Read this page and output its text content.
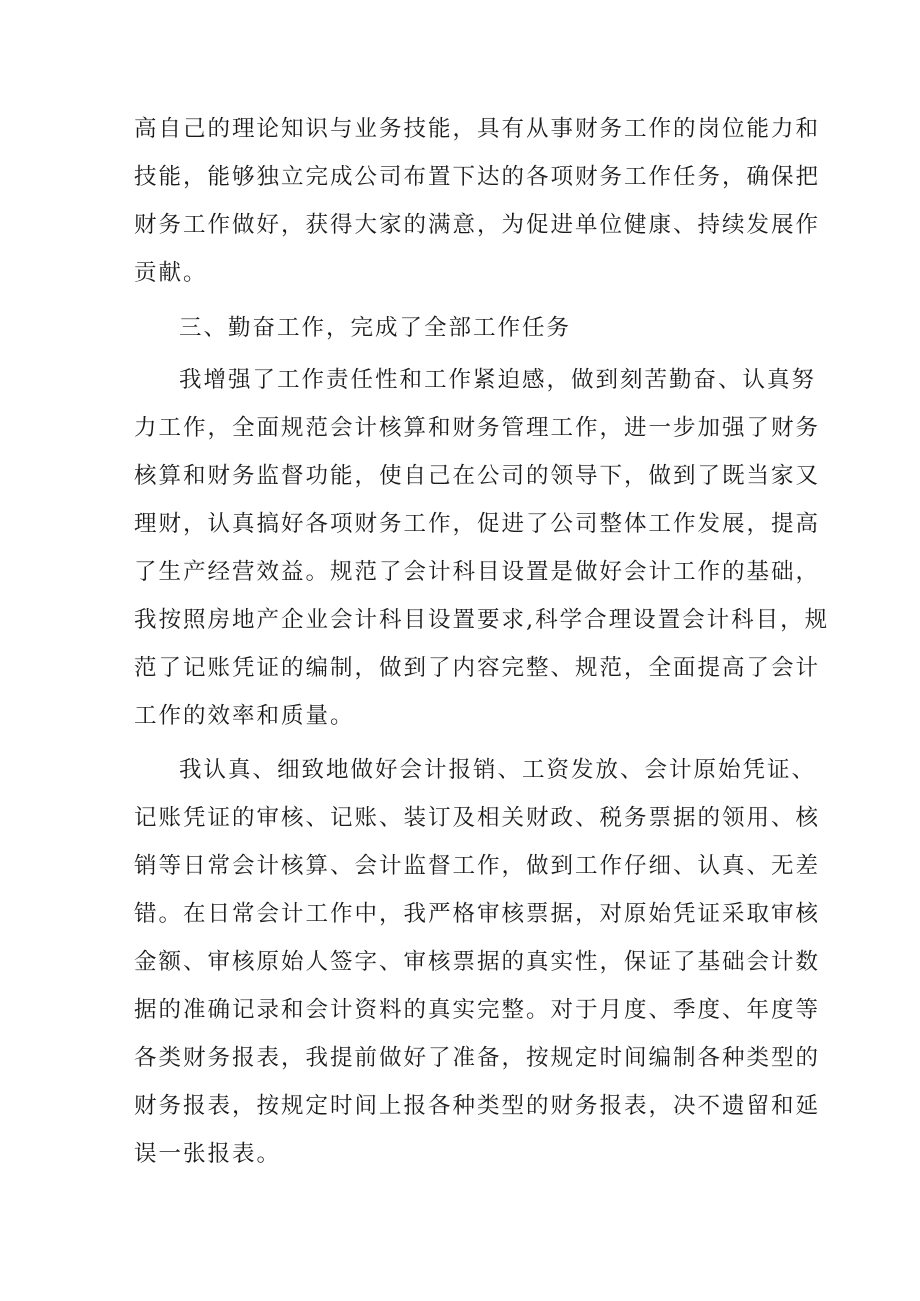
高自己的理论知识与业务技能，具有从事财务工作的岗位能力和
技能，能够独立完成公司布置下达的各项财务工作任务，确保把
财务工作做好，获得大家的满意，为促进单位健康、持续发展作
贡献。
三、勤奋工作，完成了全部工作任务
我增强了工作责任性和工作紧迫感，做到刻苦勤奋、认真努
力工作，全面规范会计核算和财务管理工作，进一步加强了财务
核算和财务监督功能，使自己在公司的领导下，做到了既当家又
理财，认真搞好各项财务工作，促进了公司整体工作发展，提高
了生产经营效益。规范了会计科目设置是做好会计工作的基础，
我按照房地产企业会计科目设置要求,科学合理设置会计科目，规
范了记账凭证的编制，做到了内容完整、规范，全面提高了会计
工作的效率和质量。
我认真、细致地做好会计报销、工资发放、会计原始凭证、
记账凭证的审核、记账、装订及相关财政、税务票据的领用、核
销等日常会计核算、会计监督工作，做到工作仔细、认真、无差
错。在日常会计工作中，我严格审核票据，对原始凭证采取审核
金额、审核原始人签字、审核票据的真实性，保证了基础会计数
据的准确记录和会计资料的真实完整。对于月度、季度、年度等
各类财务报表，我提前做好了准备，按规定时间编制各种类型的
财务报表，按规定时间上报各种类型的财务报表，决不遗留和延
误一张报表。
